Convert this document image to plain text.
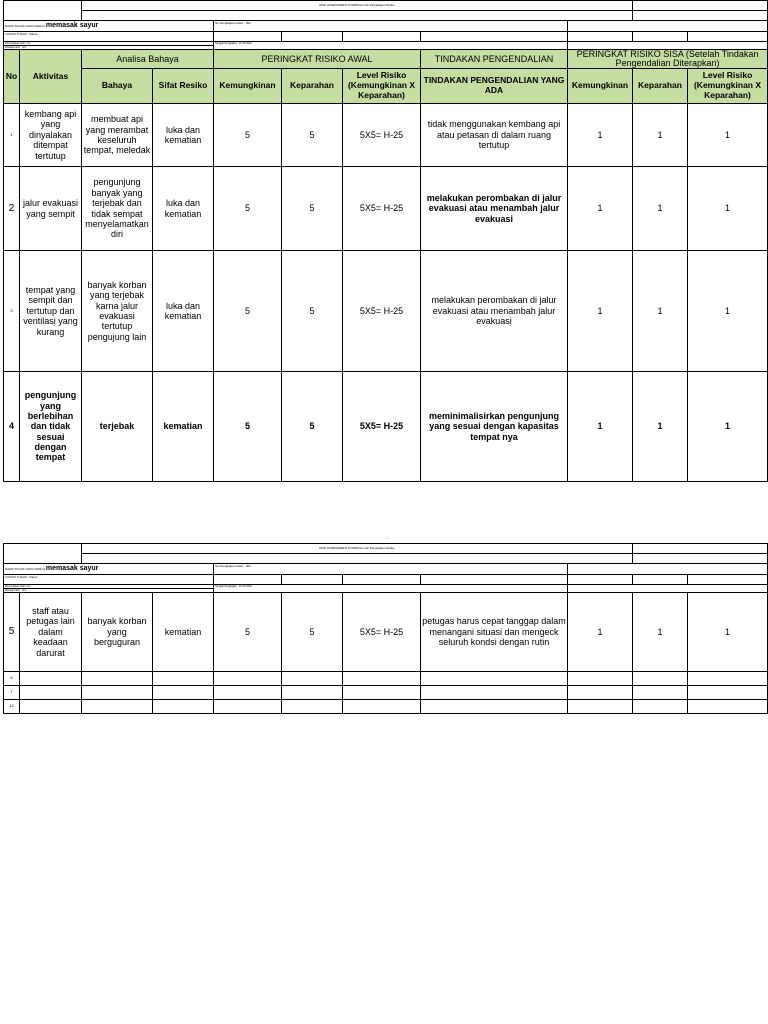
		RISK ASSESSMENT FORM/Formulir Pengkajian Resiko								

NAMA TUGAS YANG DINILAI memasak sayur				No.Pengkajian resiko : 001						
LOKASI TUGAS : Dapur										
Dipersiapkan oleh: ririn				Tanggal Pengkajian : 30-10-2022						
Disetujui oleh : ririn										
No	Aktivitas	Analisa Bahaya		PERINGKAT RISIKO AWAL			TINDAKAN PENGENDALIAN	PERINGKAT RISIKO SISA (Setelah Tindakan Pengendalian Diterapkan)		
		Bahaya	Sifat Resiko	Kemungkinan	Keparahan	Level Risiko (Kemungkinan X Keparahan)	TINDAKAN PENGENDALIAN YANG ADA	Kemungkinan	Keparahan	Level Risiko (Kemungkinan X Keparahan)
1	kembang api yang dinyalakan ditempat tertutup	membuat api yang merambat keseluruh tempat, meledak	luka dan kematian	5	5	5X5= H-25	tidak menggunakan kembang api atau petasan di dalam ruang tertutup	1	1	1
2	jalur evakuasi yang sempit	pengunjung banyak yang terjebak dan tidak sempat menyelamatkan diri	luka dan kematian	5	5	5X5= H-25	melakukan perombakan di jalur evakuasi atau menambah jalur evakuasi	1	1	1
3	tempat yang sempit dan tertutup dan ventilasi yang kurang	banyak korban yang terjebak karna jalur evakuasi tertutup pengujung lain	luka dan kematian	5	5	5X5= H-25	melakukan perombakan di jalur evakuasi atau menambah jalur evakuasi	1	1	1
4	pengunjung yang berlebihan dan tidak sesuai dengan tempat	terjebak	kematian	5	5	5X5= H-25	meminimalisirkan pengunjung yang sesuai dengan kapasitas tempat nya	1	1	1
- / -
		RISK ASSESSMENT FORM/Formulir Pengkajian Resiko								

NAMA TUGAS YANG DINILAI memasak sayur				No.Pengkajian resiko : 001						
LOKASI TUGAS : Dapur										
Dipersiapkan oleh: ririn				Tanggal Pengkajian : 30-10-2022						
Disetujui oleh : ririn										
5	staff atau petugas lain dalam keadaan darurat	banyak korban yang berguguran	kematian	5	5	5X5= H-25	petugas harus cepat tanggap dalam menangani situasi dan mengeck seluruh kondsi dengan rutin	1	1	1
6										
7										
12										
